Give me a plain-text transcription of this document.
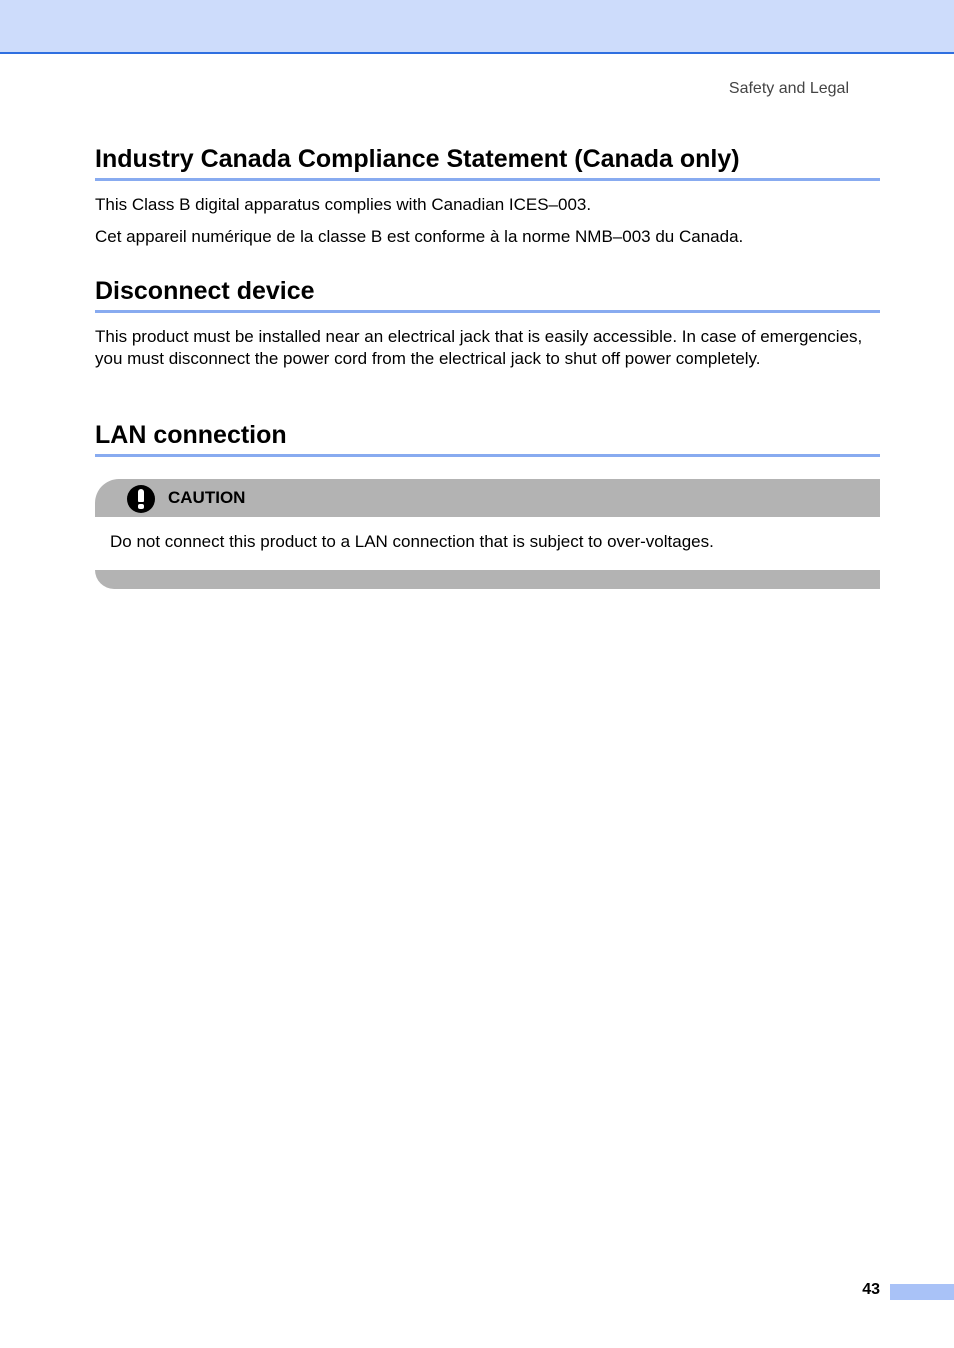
Safety and Legal
Industry Canada Compliance Statement (Canada only)

This Class B digital apparatus complies with Canadian ICES–003.

Cet appareil numérique de la classe B est conforme à la norme NMB–003 du Canada.

Disconnect device

This product must be installed near an electrical jack that is easily accessible. In case of emergencies, you must disconnect the power cord from the electrical jack to shut off power completely.

LAN connection
CAUTION
Do not connect this product to a LAN connection that is subject to over-voltages.
43
